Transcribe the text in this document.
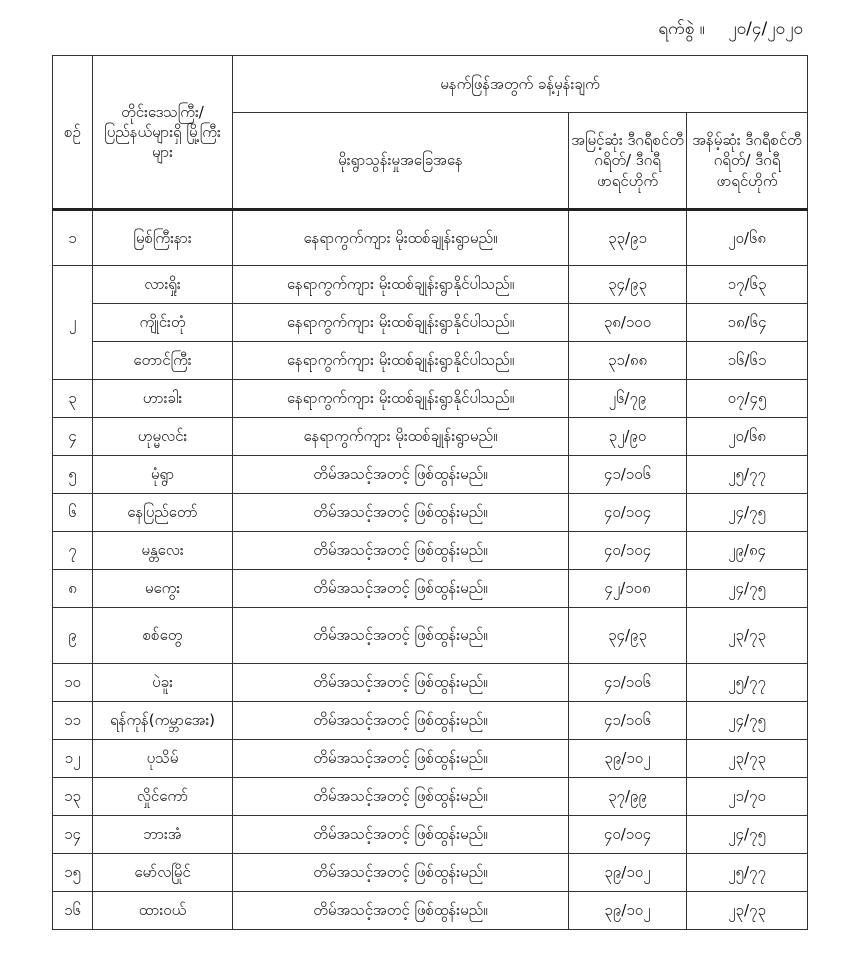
ရက်စွဲ ။ ၂၀/၄/၂၀၂၀
စဉ်	တိုင်းဒေသကြီး/ ပြည်နယ်များရှိ မြို့ကြီးများ	မနက်ဖြန်အတွက် ခန့်မှန်းချက်		
		မိုးရွာသွန်းမှုအခြေအနေ	အမြင့်ဆုံး ဒီဂရီစင်တီဂရိတ်/ ဒီဂရီဖာရင်ဟိုက်	အနိမ့်ဆုံး ဒီဂရီစင်တီဂရိတ်/ ဒီဂရီဖာရင်ဟိုက်
၁	မြစ်ကြီးနား	နေရာကွက်ကျား မိုးထစ်ချုန်းရွာမည်။	၃၃/၉၁	၂၀/၆၈
၂	လားရှိုး	နေရာကွက်ကျား မိုးထစ်ချုန်းရွာနိုင်ပါသည်။	၃၄/၉၃	၁၇/၆၃
	ကျိုင်းတုံ	နေရာကွက်ကျား မိုးထစ်ချုန်းရွာနိုင်ပါသည်။	၃၈/၁၀၀	၁၈/၆၄
	တောင်ကြီး	နေရာကွက်ကျား မိုးထစ်ချုန်းရွာနိုင်ပါသည်။	၃၁/၈၈	၁၆/၆၁
၃	ဟားခါး	နေရာကွက်ကျား မိုးထစ်ချုန်းရွာနိုင်ပါသည်။	၂၆/၇၉	၀၇/၄၅
၄	ဟုမ္မလင်း	နေရာကွက်ကျား မိုးထစ်ချုန်းရွာမည်။	၃၂/၉၀	၂၀/၆၈
၅	မုံရွာ	တိမ်အသင့်အတင့် ဖြစ်ထွန်းမည်။	၄၁/၁၀၆	၂၅/၇၇
၆	နေပြည်တော်	တိမ်အသင့်အတင့် ဖြစ်ထွန်းမည်။	၄၀/၁၀၄	၂၄/၇၅
၇	မန္တလေး	တိမ်အသင့်အတင့် ဖြစ်ထွန်းမည်။	၄၀/၁၀၄	၂၉/၈၄
၈	မကွေး	တိမ်အသင့်အတင့် ဖြစ်ထွန်းမည်။	၄၂/၁၀၈	၂၄/၇၅
၉	စစ်တွေ	တိမ်အသင့်အတင့် ဖြစ်ထွန်းမည်။	၃၄/၉၃	၂၃/၇၃
၁၀	ပဲခူး	တိမ်အသင့်အတင့် ဖြစ်ထွန်းမည်။	၄၁/၁၀၆	၂၅/၇၇
၁၁	ရန်ကုန်(ကမ္ဘာအေး)	တိမ်အသင့်အတင့် ဖြစ်ထွန်းမည်။	၄၁/၁၀၆	၂၄/၇၅
၁၂	ပုသိမ်	တိမ်အသင့်အတင့် ဖြစ်ထွန်းမည်။	၃၉/၁၀၂	၂၃/၇၃
၁၃	လှိုင်ကော်	တိမ်အသင့်အတင့် ဖြစ်ထွန်းမည်။	၃၇/၉၉	၂၁/၇၀
၁၄	ဘားအံ	တိမ်အသင့်အတင့် ဖြစ်ထွန်းမည်။	၄၀/၁၀၄	၂၄/၇၅
၁၅	မော်လမြိုင်	တိမ်အသင့်အတင့် ဖြစ်ထွန်းမည်။	၃၉/၁၀၂	၂၅/၇၇
၁၆	ထားဝယ်	တိမ်အသင့်အတင့် ဖြစ်ထွန်းမည်။	၃၉/၁၀၂	၂၃/၇၃
